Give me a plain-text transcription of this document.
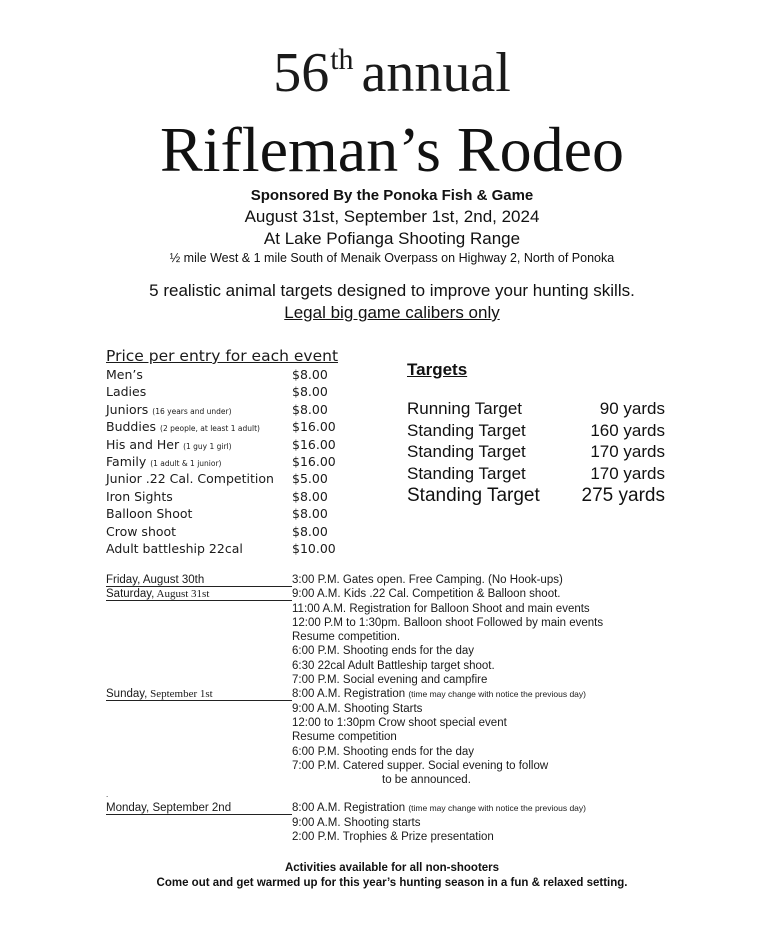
56th annual
Rifleman’s Rodeo
Sponsored By the Ponoka Fish & Game
August 31st, September 1st, 2nd, 2024
At Lake Pofianga Shooting Range
½ mile West & 1 mile South of Menaik Overpass on Highway 2, North of Ponoka
5 realistic animal targets designed to improve your hunting skills.
Legal big game calibers only
Price per entry for each event
Men’s	$8.00
Ladies	$8.00
Juniors (16 years and under)	$8.00
Buddies (2 people, at least 1 adult)	$16.00
His and Her (1 guy 1 girl)	$16.00
Family (1 adult & 1 junior)	$16.00
Junior .22 Cal. Competition $5.00
Iron Sights	$8.00
Balloon Shoot	$8.00
Crow shoot	$8.00
Adult battleship 22cal	$10.00
Targets
Running Target	90 yards
Standing Target	160 yards
Standing Target	170 yards
Standing Target	170 yards
Standing Target 275 yards
Friday, August 30th	3:00 P.M. Gates open. Free Camping. (No Hook-ups)
Saturday, August 31st	9:00 A.M. Kids .22 Cal. Competition & Balloon shoot.
11:00 A.M. Registration for Balloon Shoot and main events
12:00 P.M to 1:30pm. Balloon shoot Followed by main events
Resume competition.
6:00 P.M. Shooting ends for the day
6:30 22cal Adult Battleship target shoot.
7:00 P.M. Social evening and campfire
Sunday, September 1st	8:00 A.M. Registration (time may change with notice the previous day)
9:00 A.M. Shooting Starts
12:00 to 1:30pm Crow shoot special event
Resume competition
6:00 P.M. Shooting ends for the day
7:00 P.M. Catered supper. Social evening to follow
to be announced.
.
Monday, September 2nd	8:00 A.M. Registration (time may change with notice the previous day)
9:00 A.M. Shooting starts
2:00 P.M. Trophies & Prize presentation
Activities available for all non-shooters
Come out and get warmed up for this year’s hunting season in a fun & relaxed setting.
